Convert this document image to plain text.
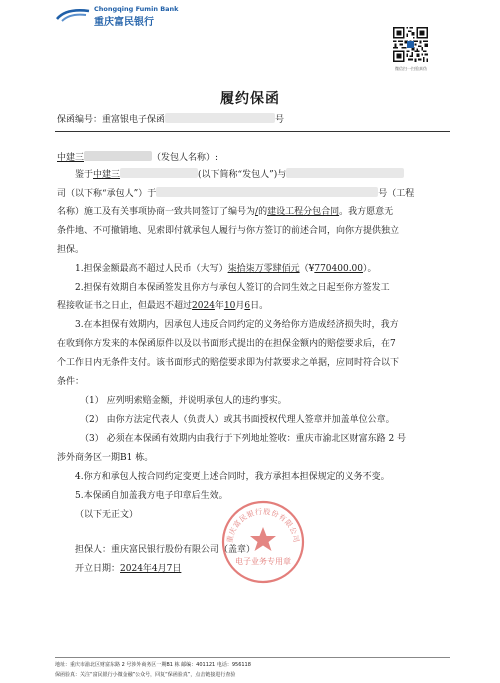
Chongqing Fumin Bank
重庆富民银行
微信扫一扫验真伪
履约保函
保函编号：重富银电子保函	号
中建三	（发包人名称）:
鉴于中建三	(以下简称“发包人”)与
司（以下称“承包人”）于	号（工程
名称）施工及有关事项协商一致共同签订了编号为/的建设工程分包合同。我方愿意无
条件地、不可撤销地、见索即付就承包人履行与你方签订的前述合同，向你方提供独立
担保。
1.担保金额最高不超过人民币（大写）柒拾柒万零肆佰元（¥770400.00）。
2.担保有效期自本保函签发且你方与承包人签订的合同生效之日起至你方签发工
程接收证书之日止，但最迟不超过2024年10月6日。
3.在本担保有效期内，因承包人违反合同约定的义务给你方造成经济损失时，我方
在收到你方发来的本保函原件以及以书面形式提出的在担保金额内的赔偿要求后，在7
个工作日内无条件支付。该书面形式的赔偿要求即为付款要求之单据，应同时符合以下
条件：
（1） 应列明索赔金额，并说明承包人的违约事实。
（2） 由你方法定代表人（负责人）或其书面授权代理人签章并加盖单位公章。
（3） 必须在本保函有效期内由我行于下列地址签收：重庆市渝北区财富东路 2 号
涉外商务区一期B1 栋。
4.你方和承包人按合同约定变更上述合同时，我方承担本担保规定的义务不变。
5.本保函自加盖我方电子印章后生效。
（以下无正文）
担保人：重庆富民银行股份有限公司（盖章）
开立日期：2024年4月7日
重庆富民银行股份有限公司
电子业务专用章
地址：重庆市渝北区财富东路 2 号涉外商务区一期B1 栋 邮编：401121 电话：956118
保函验真：关注“富民银行小微金融”公众号，回复“保函验真”，点击链接进行查验
